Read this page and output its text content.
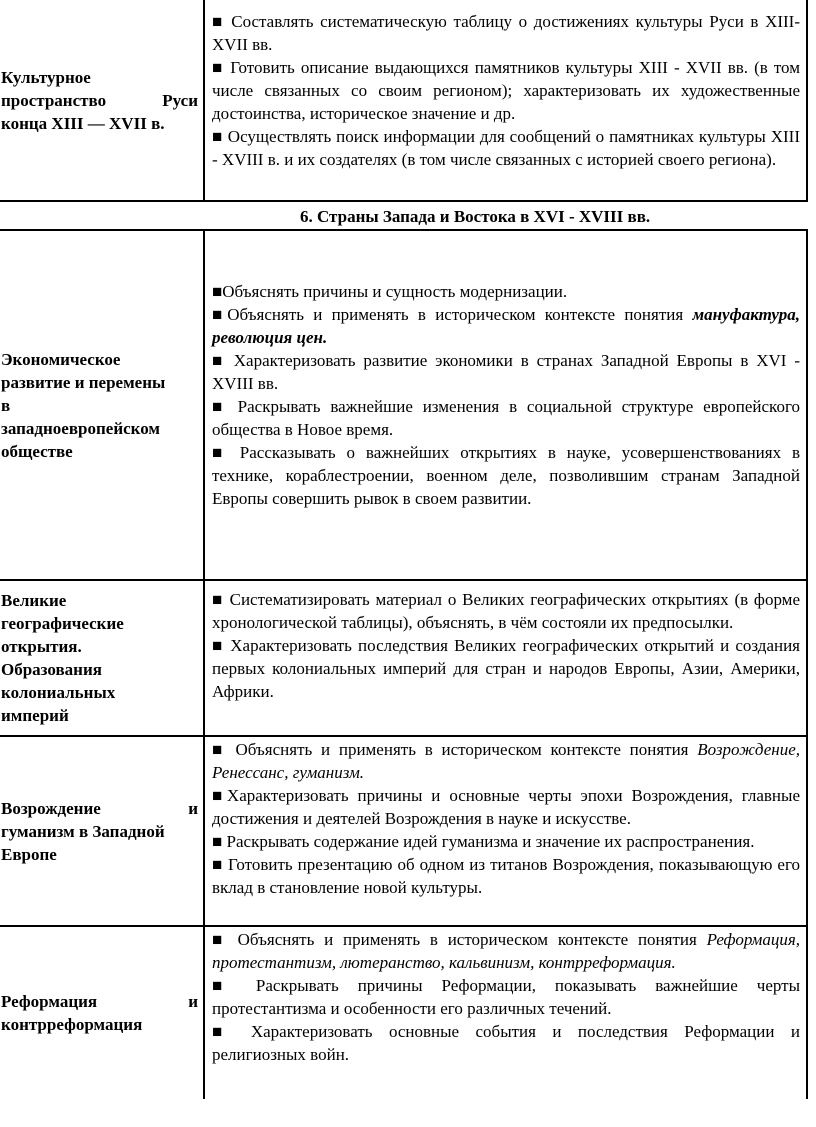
Культурное
пространство Руси
конца XIII — XVII в.

■ Составлять систематическую таблицу о достижениях культуры Руси в XIII-XVII вв.

■ Готовить описание выдающихся памятников культуры XIII - XVII вв. (в том числе связанных со своим регионом); характеризовать их художественные достоинства, историческое значение и др.

■ Осуществлять поиск информации для сообщений о памятниках культуры XIII - XVIII в. и их создателях (в том числе связанных с историей своего региона).

6. Страны Запада и Востока в XVI - XVIII вв.
Экономическое
развитие и перемены
в
западноевропейском
обществе

■Объяснять причины и сущность модернизации.

■Объяснять и применять в историческом контексте понятия мануфактура, революция цен.

■ Характеризовать развитие экономики в странах Западной Европы в XVI - XVIII вв.

■ Раскрывать важнейшие изменения в социальной структуре европейского общества в Новое время.

■ Рассказывать о важнейших открытиях в науке, усовершенствованиях в технике, кораблестроении, военном деле, позволившим странам Западной Европы совершить рывок в своем развитии.

Великие
географические
открытия.
Образования
колониальных
империй

■ Систематизировать материал о Великих географических открытиях (в форме хронологической таблицы), объяснять, в чём состояли их предпосылки.

■ Характеризовать последствия Великих географических открытий и создания первых колониальных империй для стран и народов Европы, Азии, Америки, Африки.

Возрождение и
гуманизм в Западной
Европе

■ Объяснять и применять в историческом контексте понятия Возрождение, Ренессанс, гуманизм.

■Характеризовать причины и основные черты эпохи Возрождения, главные достижения и деятелей Возрождения в науке и искусстве.

■ Раскрывать содержание идей гуманизма и значение их распространения.

■ Готовить презентацию об одном из титанов Возрождения, показывающую его вклад в становление новой культуры.

Реформация и
контрреформация

■ Объяснять и применять в историческом контексте понятия Реформация, протестантизм, лютеранство, кальвинизм, контрреформация.

■ Раскрывать причины Реформации, показывать важнейшие черты протестантизма и особенности его различных течений.

■ Характеризовать основные события и последствия Реформации и религиозных войн.
